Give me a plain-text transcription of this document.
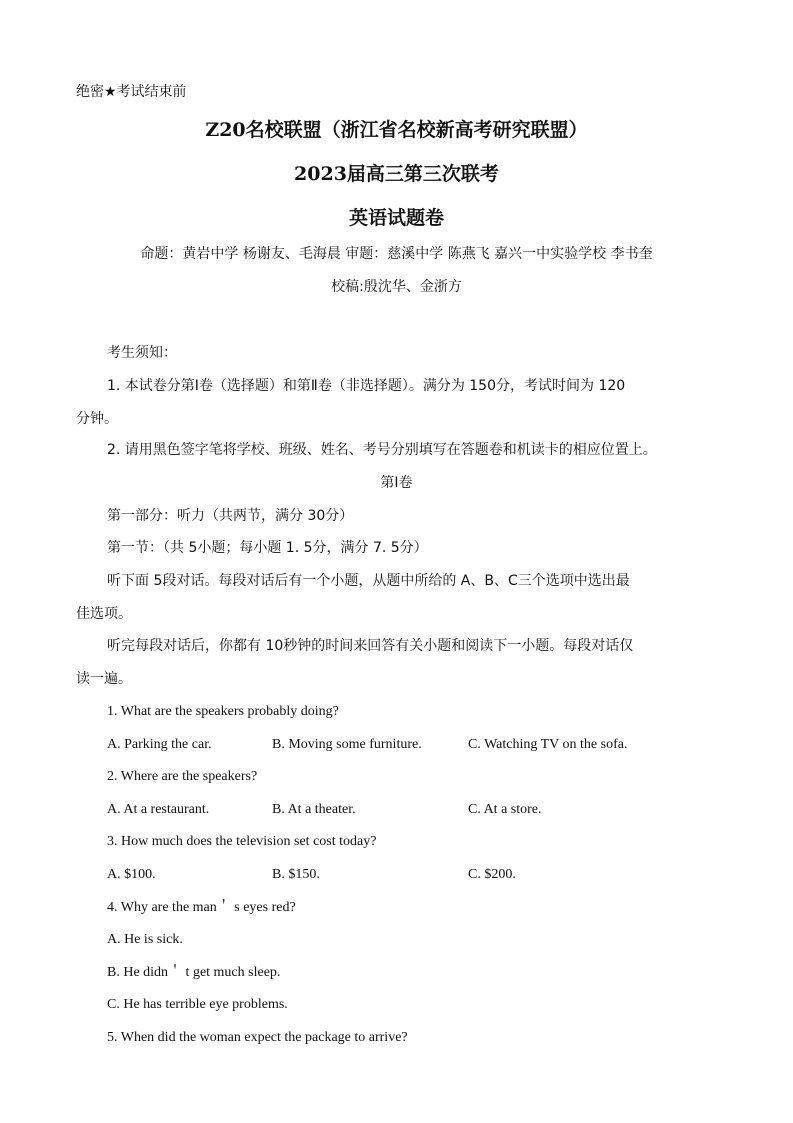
绝密★考试结束前
Z20名校联盟（浙江省名校新高考研究联盟）
2023届高三第三次联考
英语试题卷
命题：黄岩中学 杨谢友、毛海晨 审题：慈溪中学 陈燕飞 嘉兴一中实验学校 李书奎
校稿:殷沈华、金浙方
考生须知：
1. 本试卷分第Ⅰ卷（选择题）和第Ⅱ卷（非选择题）。满分为 150分，考试时间为 120
分钟。
2. 请用黑色签字笔将学校、班级、姓名、考号分别填写在答题卷和机读卡的相应位置上。
第Ⅰ卷
第一部分：听力（共两节，满分 30分）
第一节：（共 5小题；每小题 1. 5分，满分 7. 5分）
听下面 5段对话。每段对话后有一个小题，从题中所给的 A、B、C三个选项中选出最
佳选项。
听完每段对话后，你都有 10秒钟的时间来回答有关小题和阅读下一小题。每段对话仅
读一遍。
1. What are the speakers probably doing?
A. Parking the car.	B. Moving some furniture.	C. Watching TV on the sofa.
2. Where are the speakers?
A. At a restaurant.	B. At a theater.	C. At a store.
3. How much does the television set cost today?
A. $100.	B. $150.	C. $200.
4. Why are the man＇ s eyes red?
A. He is sick.
B. He didn＇ t get much sleep.
C. He has terrible eye problems.
5. When did the woman expect the package to arrive?
